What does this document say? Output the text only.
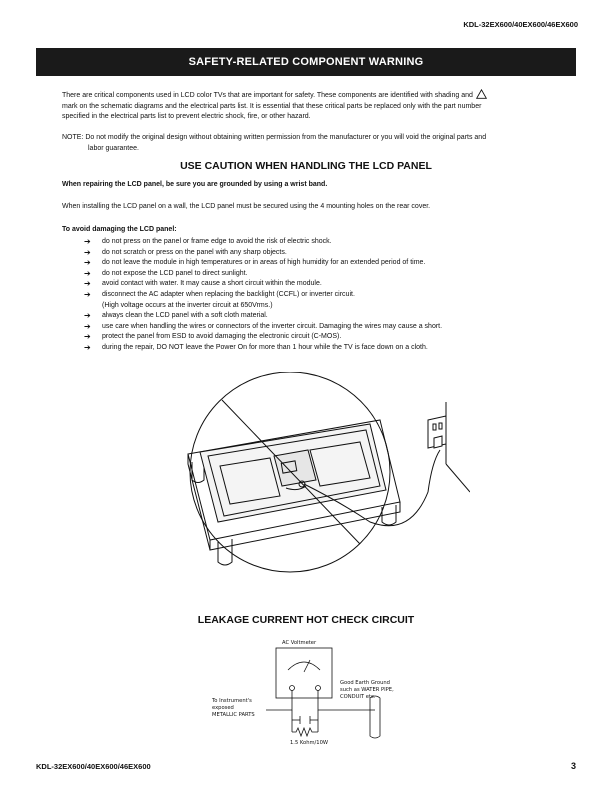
KDL-32EX600/40EX600/46EX600
SAFETY-RELATED COMPONENT WARNING
There are critical components used in LCD color TVs that are important for safety. These components are identified with shading and
mark on the schematic diagrams and the electrical parts list. It is essential that these critical parts be replaced only with the part number
specified in the electrical parts list to prevent electric shock, fire, or other hazard.
NOTE: Do not modify the original design without obtaining written permission from the manufacturer or you will void the original parts and
labor guarantee.
USE CAUTION WHEN HANDLING THE LCD PANEL
When repairing the LCD panel, be sure you are grounded by using a wrist band.
When installing the LCD panel on a wall, the LCD panel must be secured using the 4 mounting holes on the rear cover.
To avoid damaging the LCD panel:
➔ do not press on the panel or frame edge to avoid the risk of electric shock.
➔ do not scratch or press on the panel with any sharp objects.
➔ do not leave the module in high temperatures or in areas of high humidity for an extended period of time.
➔ do not expose the LCD panel to direct sunlight.
➔ avoid contact with water. It may cause a short circuit within the module.
➔ disconnect the AC adapter when replacing the backlight (CCFL) or inverter circuit.
(High voltage occurs at the inverter circuit at 650Vrms.)
➔ always clean the LCD panel with a soft cloth material.
➔ use care when handling the wires or connectors of the inverter circuit. Damaging the wires may cause a short.
➔ protect the panel from ESD to avoid damaging the electronic circuit (C-MOS).
➔ during the repair, DO NOT leave the Power On for more than 1 hour while the TV is face down on a cloth.
LEAKAGE CURRENT HOT CHECK CIRCUIT
AC Voltmeter
To Instrument's
exposed
METALLIC PARTS
Good Earth Ground
such as WATER PIPE,
CONDUIT etc.
1.5 Kohm/10W
KDL-32EX600/40EX600/46EX600	3
